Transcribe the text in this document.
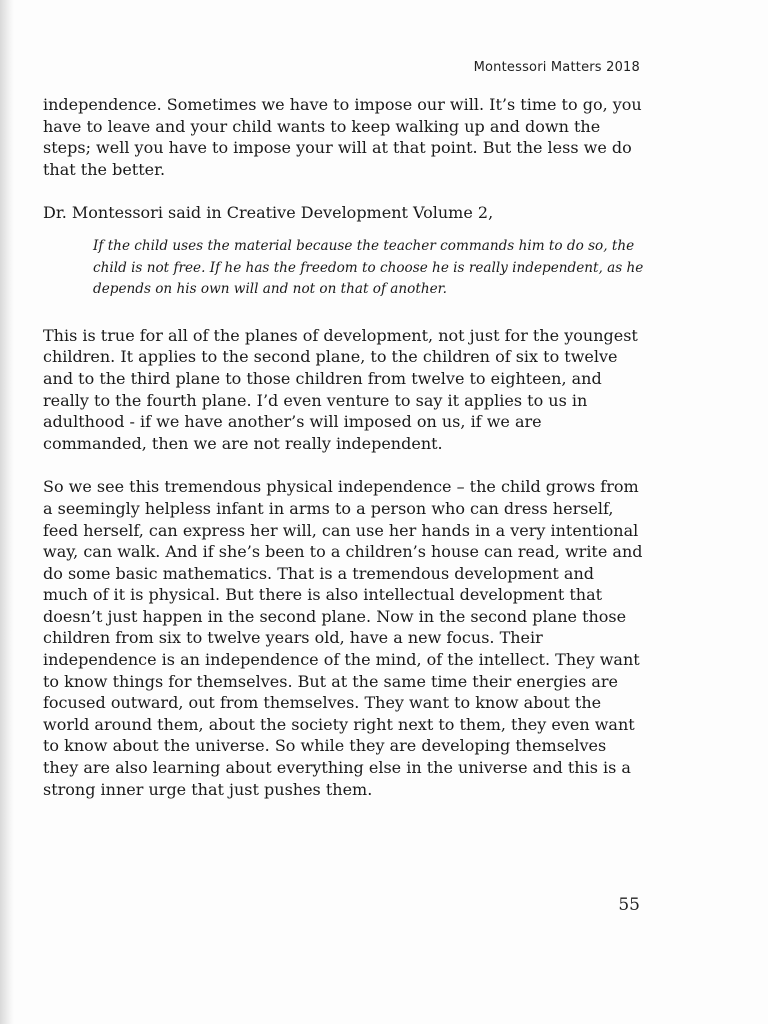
Montessori Matters 2018

independence. Sometimes we have to impose our will. It’s time to go, you have to leave and your child wants to keep walking up and down the steps; well you have to impose your will at that point. But the less we do that the better.

Dr. Montessori said in Creative Development Volume 2,

If the child uses the material because the teacher commands him to do so, the child is not free. If he has the freedom to choose he is really independent, as he depends on his own will and not on that of another.

This is true for all of the planes of development, not just for the youngest children. It applies to the second plane, to the children of six to twelve and to the third plane to those children from twelve to eighteen, and really to the fourth plane. I’d even venture to say it applies to us in adulthood - if we have another’s will imposed on us, if we are commanded, then we are not really independent.

So we see this tremendous physical independence – the child grows from a seemingly helpless infant in arms to a person who can dress herself, feed herself, can express her will, can use her hands in a very intentional way, can walk. And if she’s been to a children’s house can read, write and do some basic mathematics. That is a tremendous development and much of it is physical. But there is also intellectual development that doesn’t just happen in the second plane. Now in the second plane those children from six to twelve years old, have a new focus. Their independence is an independence of the mind, of the intellect. They want to know things for themselves. But at the same time their energies are focused outward, out from themselves. They want to know about the world around them, about the society right next to them, they even want to know about the universe. So while they are developing themselves they are also learning about everything else in the universe and this is a strong inner urge that just pushes them.

55
